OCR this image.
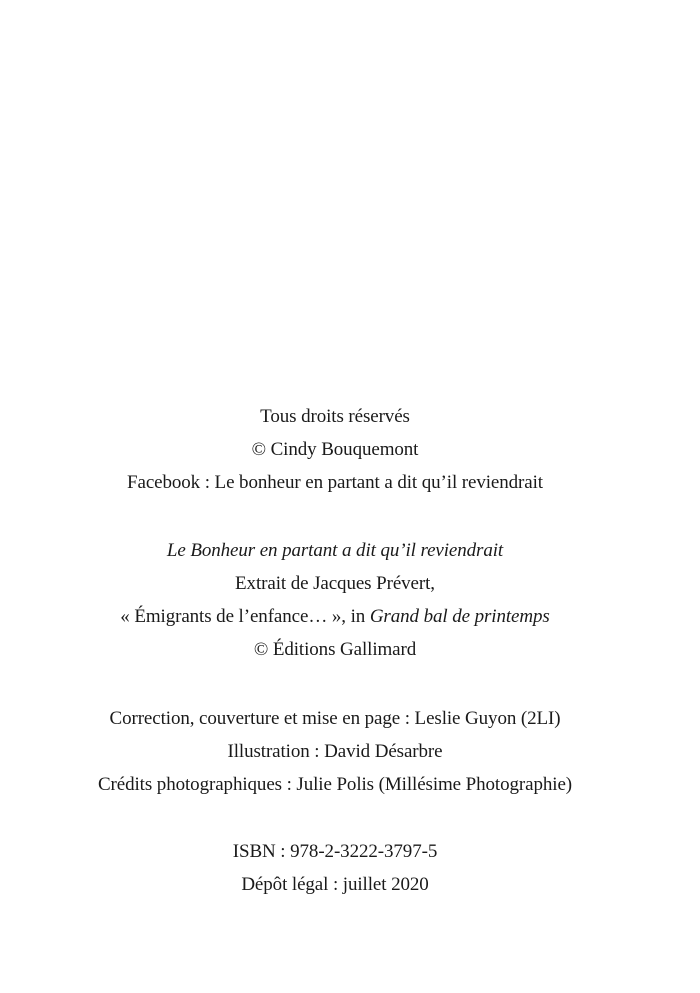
Tous droits réservés
© Cindy Bouquemont
Facebook : Le bonheur en partant a dit qu’il reviendrait
Le Bonheur en partant a dit qu’il reviendrait
Extrait de Jacques Prévert,
« Émigrants de l’enfance… », in Grand bal de printemps
© Éditions Gallimard
Correction, couverture et mise en page : Leslie Guyon (2LI)
Illustration : David Désarbre
Crédits photographiques : Julie Polis (Millésime Photographie)
ISBN : 978-2-3222-3797-5
Dépôt légal : juillet 2020
